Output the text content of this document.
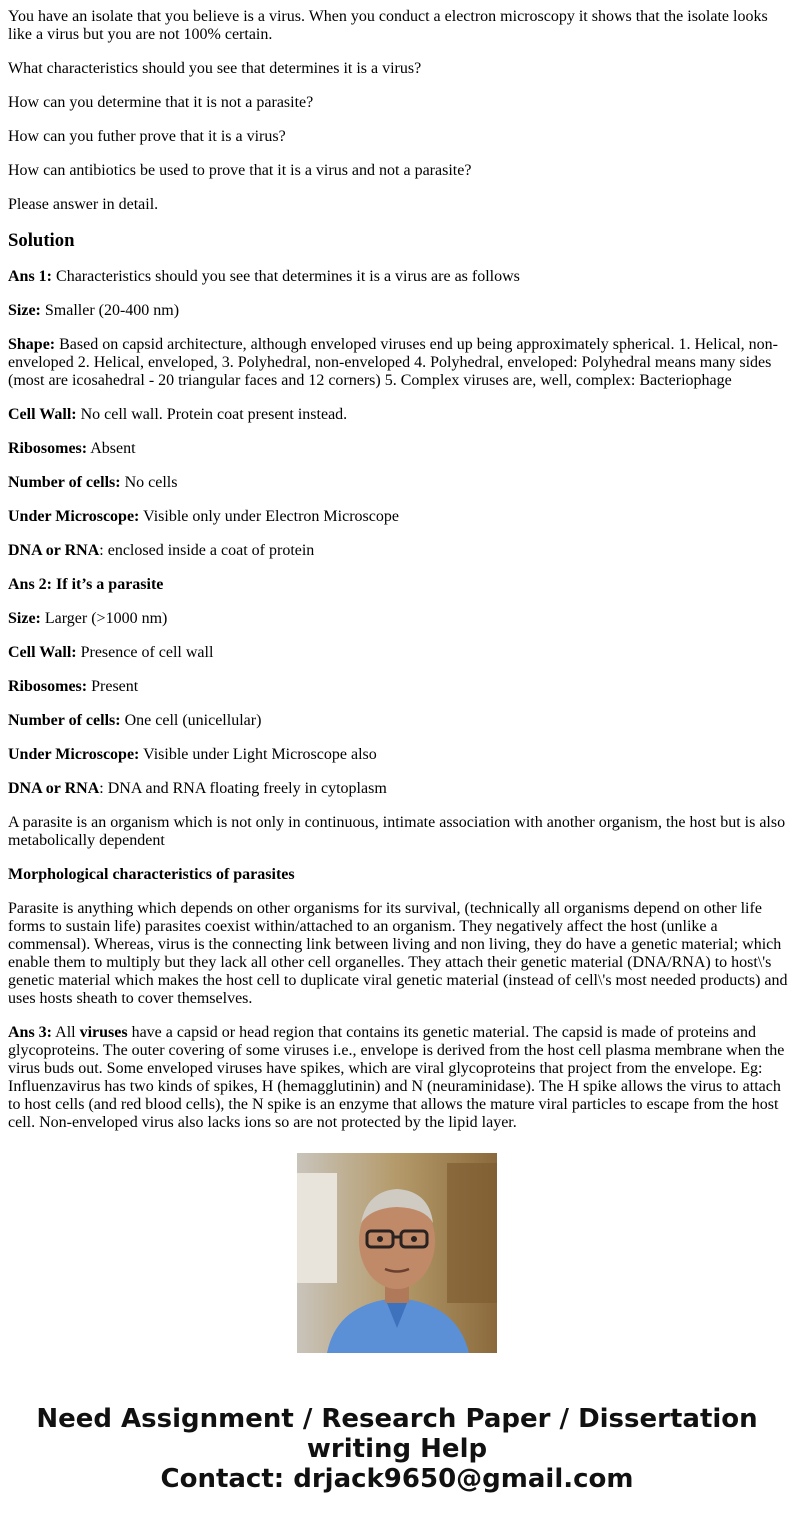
You have an isolate that you believe is a virus. When you conduct a electron microscopy it shows that the isolate looks like a virus but you are not 100% certain.

What characteristics should you see that determines it is a virus?

How can you determine that it is not a parasite?

How can you futher prove that it is a virus?

How can antibiotics be used to prove that it is a virus and not a parasite?

Please answer in detail.

Solution

Ans 1: Characteristics should you see that determines it is a virus are as follows

Size: Smaller (20-400 nm)

Shape: Based on capsid architecture, although enveloped viruses end up being approximately spherical. 1. Helical, non-enveloped 2. Helical, enveloped, 3. Polyhedral, non-enveloped 4. Polyhedral, enveloped: Polyhedral means many sides (most are icosahedral - 20 triangular faces and 12 corners) 5. Complex viruses are, well, complex: Bacteriophage

Cell Wall: No cell wall. Protein coat present instead.

Ribosomes: Absent

Number of cells: No cells

Under Microscope: Visible only under Electron Microscope

DNA or RNA: enclosed inside a coat of protein

Ans 2: If it’s a parasite

Size: Larger (>1000 nm)

Cell Wall: Presence of cell wall

Ribosomes: Present

Number of cells: One cell (unicellular)

Under Microscope: Visible under Light Microscope also

DNA or RNA: DNA and RNA floating freely in cytoplasm

A parasite is an organism which is not only in continuous, intimate association with another organism, the host but is also metabolically dependent

Morphological characteristics of parasites

Parasite is anything which depends on other organisms for its survival, (technically all organisms depend on other life forms to sustain life) parasites coexist within/attached to an organism. They negatively affect the host (unlike a commensal). Whereas, virus is the connecting link between living and non living, they do have a genetic material; which enable them to multiply but they lack all other cell organelles. They attach their genetic material (DNA/RNA) to host\'s genetic material which makes the host cell to duplicate viral genetic material (instead of cell\'s most needed products) and uses hosts sheath to cover themselves.

Ans 3: All viruses have a capsid or head region that contains its genetic material. The capsid is made of proteins and glycoproteins. The outer covering of some viruses i.e., envelope is derived from the host cell plasma membrane when the virus buds out. Some enveloped viruses have spikes, which are viral glycoproteins that project from the envelope. Eg: Influenzavirus has two kinds of spikes, H (hemagglutinin) and N (neuraminidase). The H spike allows the virus to attach to host cells (and red blood cells), the N spike is an enzyme that allows the mature viral particles to escape from the host cell. Non-enveloped virus also lacks ions so are not protected by the lipid layer.

Need Assignment / Research Paper / Dissertation
writing Help
Contact: drjack9650@gmail.com
